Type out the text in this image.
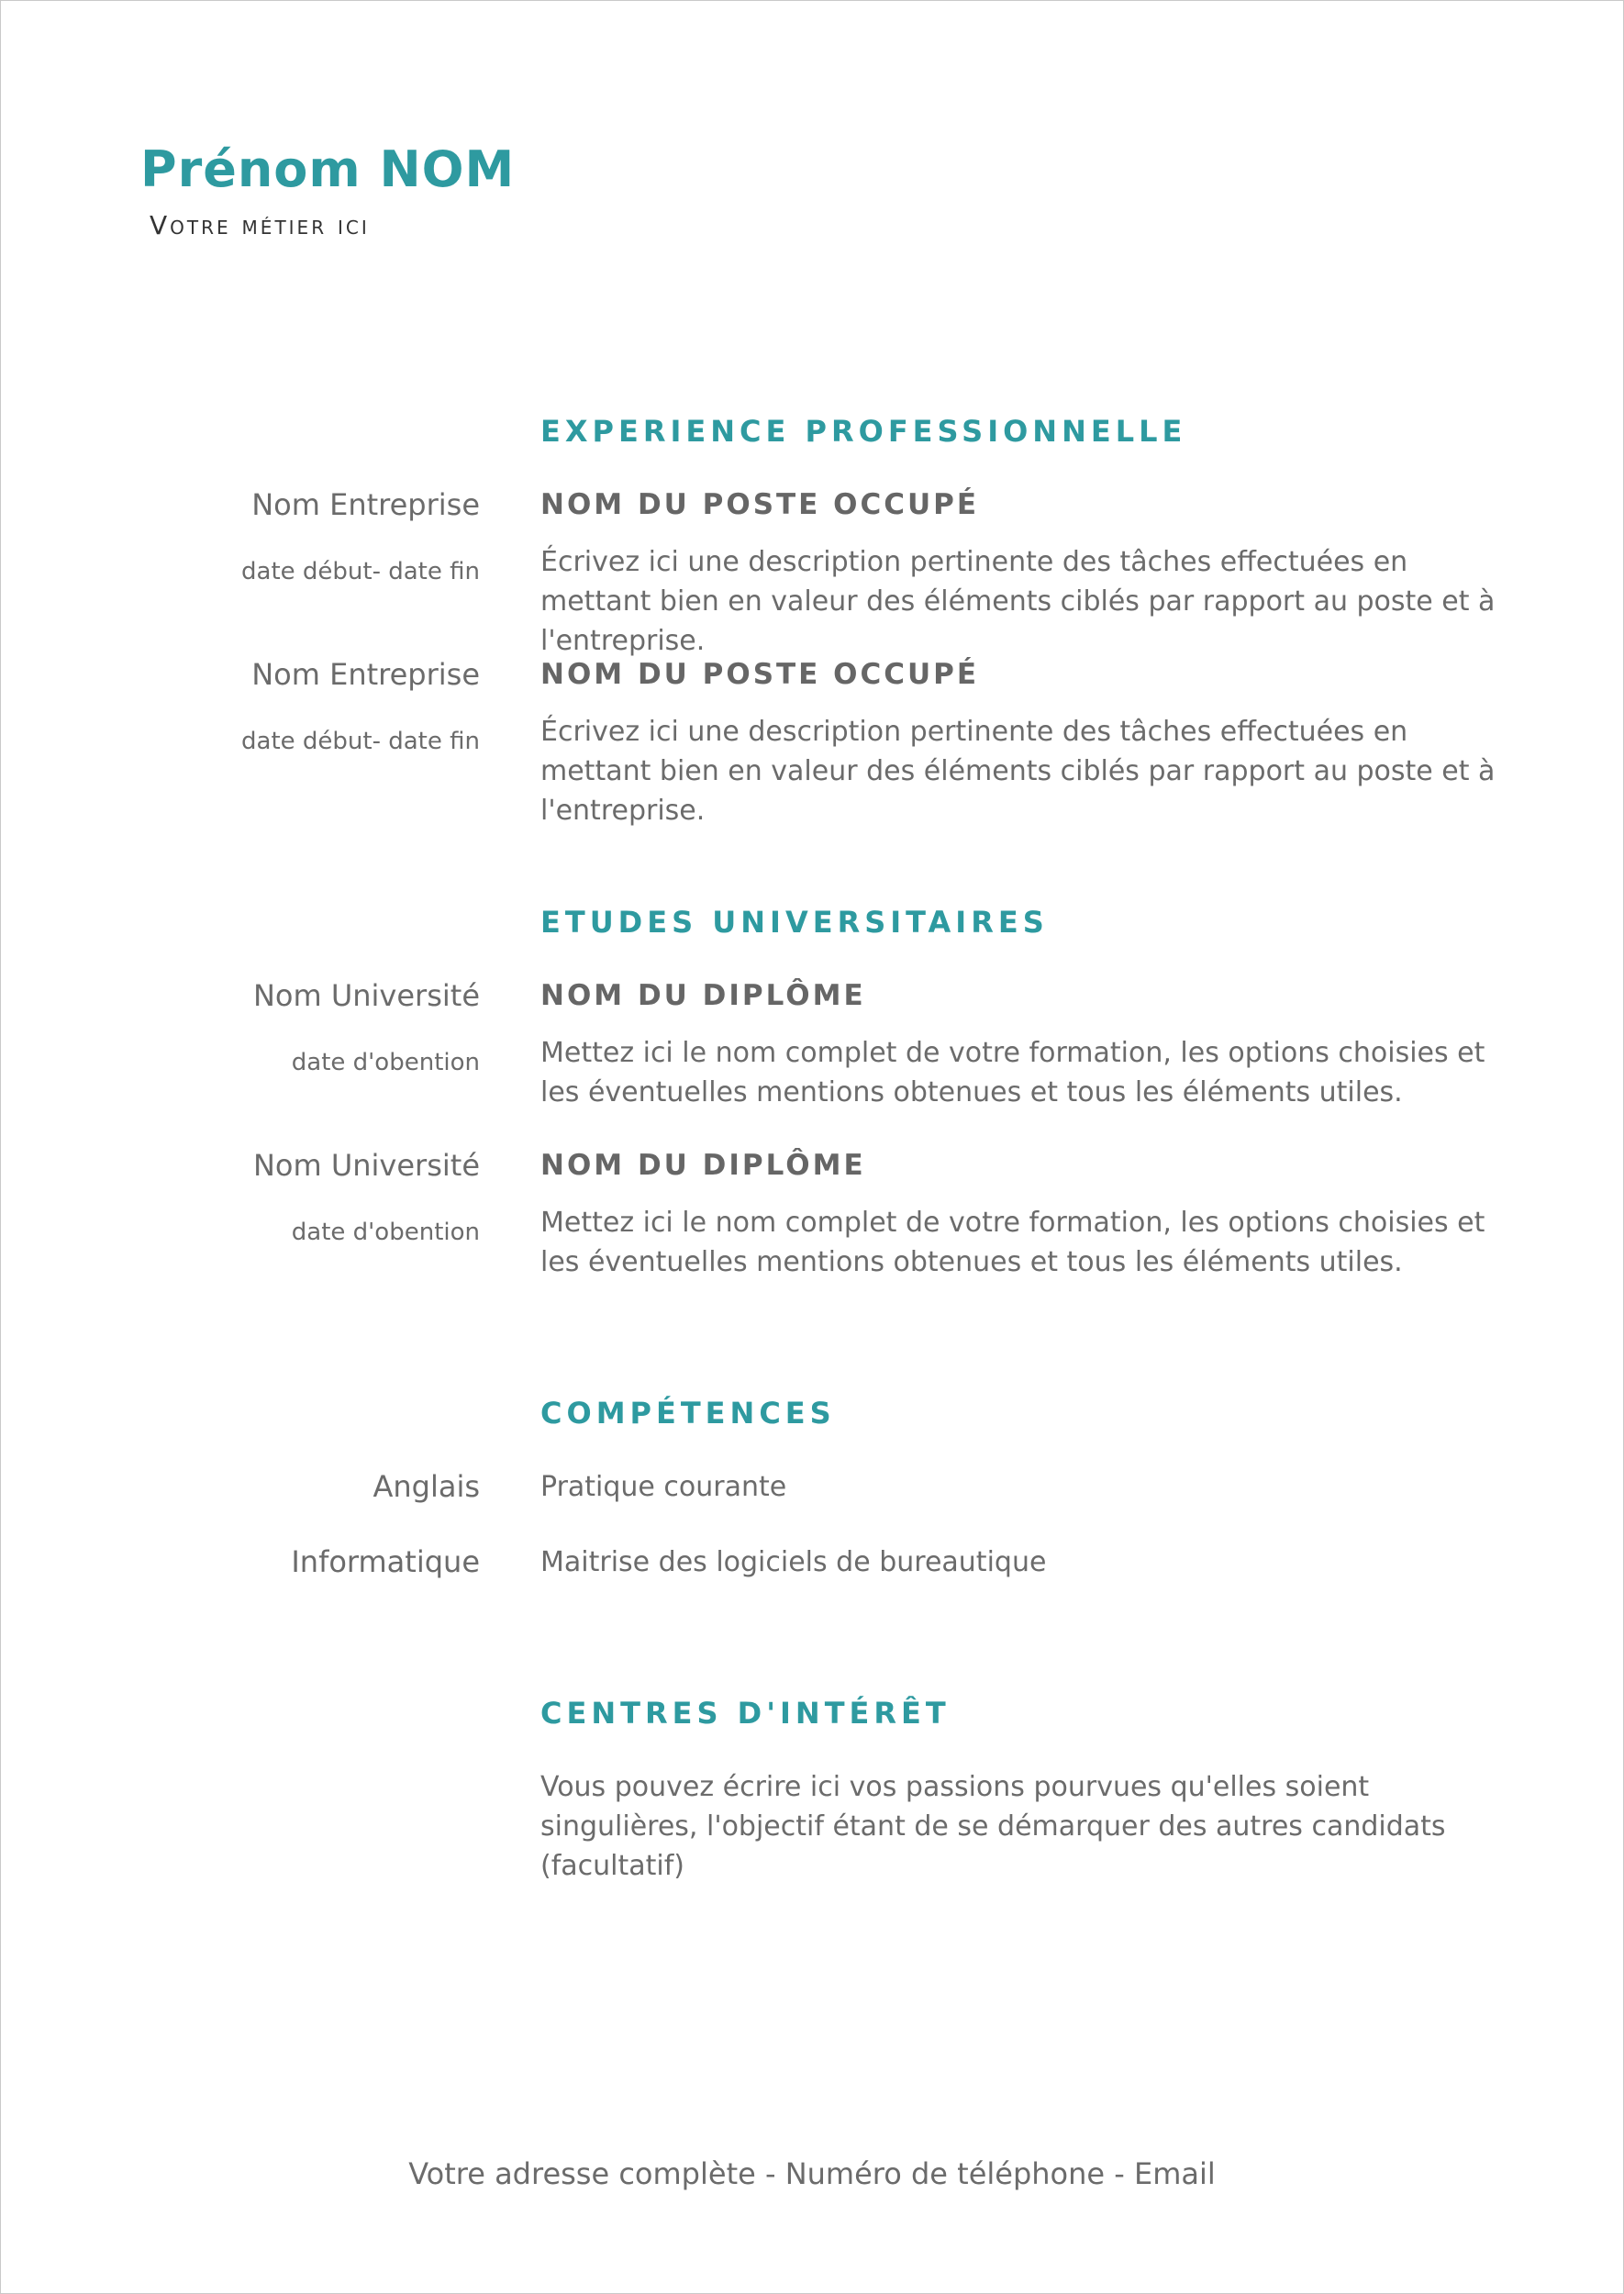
Prénom NOM
Votre métier ici
EXPERIENCE PROFESSIONNELLE
Nom Entreprise
date début- date fin
NOM DU POSTE OCCUPÉ
Écrivez ici une description pertinente des tâches effectuées en mettant bien en valeur des éléments ciblés par rapport au poste et à l'entreprise.
Nom Entreprise
date début- date fin
NOM DU POSTE OCCUPÉ
Écrivez ici une description pertinente des tâches effectuées en mettant bien en valeur des éléments ciblés par rapport au poste et à l'entreprise.
ETUDES UNIVERSITAIRES
Nom Université
date d'obention
NOM DU DIPLÔME
Mettez ici le nom complet de votre formation, les options choisies et les éventuelles mentions obtenues et tous les éléments utiles.
Nom Université
date d'obention
NOM DU DIPLÔME
Mettez ici le nom complet de votre formation, les options choisies et les éventuelles mentions obtenues et tous les éléments utiles.
COMPÉTENCES
Anglais Pratique courante
Informatique Maitrise des logiciels de bureautique
CENTRES D'INTÉRÊT
Vous pouvez écrire ici vos passions pourvues qu'elles soient singulières, l'objectif étant de se démarquer des autres candidats (facultatif)
Votre adresse complète - Numéro de téléphone - Email
